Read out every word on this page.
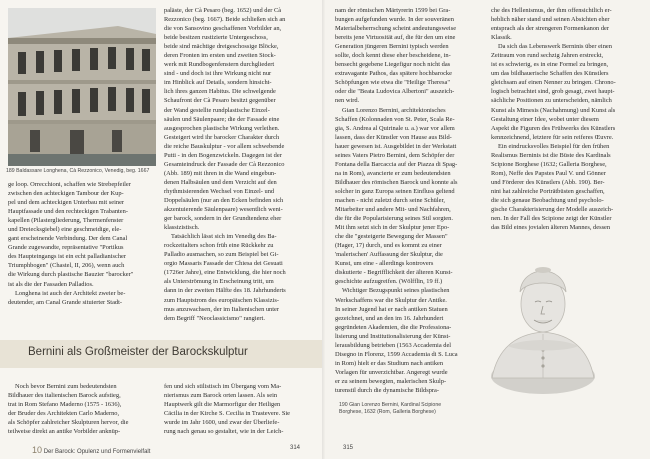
189 Baldassare Longhena, Cà Rezzonico, Venedig, beg. 1667

ge loop. Orrecchioni, schaffen wie Strebepfeiler

zwischen den achteckigen Tambour der Kup-

pel und dem achteckigen Unterbau mit seiner

Hauptfassade und den rechteckigen Trabanten-

kapellen (Pilastergliederung, Thermenfenster

und Dreiecksgiebel) eine geschmeidige, ele-

gant erscheinende Verbindung. Der dem Canal

Grande zugewandte, repräsentative "Portikus

des Haupteingangs ist ein echt palladianischer

Triumphbogen" (Chastel, II, 206), wenn auch

die Wirkung durch plastische Bauzier "barocker"

ist als die der Fassaden Palladios.

Longhena ist auch der Architekt zweier be-

deutender, am Canal Grande situierter Stadt-

paläste, der Cà Pesaro (beg. 1652) und der Cà

Rezzonico (beg. 1667). Beide schließen sich an

die von Sansovino geschaffenen Vorbilder an,

beide besitzen rustizierte Untergeschoss,

beide sind mächtige dreigeschossige Blöcke,

deren Fronten im ersten und zweiten Stock-

werk mit Rundbogenfenstern durchgliedert

sind - und doch ist ihre Wirkung nicht nur

im Hinblick auf Details, sondern hinsicht-

lich ihres ganzen Habitus. Die schwelgende

Schaufront der Cà Pesaro besitzt gegenüber

der Wand gestellte rundplastische Einzel-

säulen und Säulenpaare; die der Fassade eine

ausgesprochen plastische Wirkung verleihen.

Gesteigert wird ihr barocker Charakter durch

die reiche Bauskulptur - vor allem schwebende

Putti - in den Bogenzwickeln. Dagegen ist der

Gesamteindruck der Fassade der Cà Rezzonico

(Abb. 189) mit ihren in die Wand eingebun-

denen Halbsäulen und dem Verzicht auf den

rhythmisierenden Wechsel von Einzel- und

Doppelsäulen (nur an den Ecken befinden sich

akzentuierende Säulenpaare) wesentlich weni-

ger barock, sondern in der Grundtendenz eher

klassizistisch.

Tatsächlich lässt sich im Venedig des Ba-

rockzeitalters schon früh eine Rückkehr zu

Palladio ausmachen, so zum Beispiel bei Gi-

orgio Massaris Fassade der Chiesa dei Gesuati

(1726er Jahre), eine Entwicklung, die hier noch

als Unterströmung in Erscheinung tritt, um

dann in der zweiten Hälfte des 18. Jahrhunderts

zum Hauptstrom des europäischen Klassizis-

mus anzuwachsen, der im Italienischen unter

dem Begriff "Neoclassicismo" rangiert.

Bernini als Großmeister der Barockskulptur

Noch bevor Bernini zum bedeutendsten

Bildhauer des italienischen Barock aufstieg,

trat in Rom Stefano Maderno (1575 - 1636),

der Bruder des Architekten Carlo Maderno,

als Schöpfer zahlreicher Skulpturen hervor, die

teilweise direkt an antike Vorbilder anknüp-

fen und sich stilistisch im Übergang vom Ma-

nierismus zum Barock orten lassen. Als sein

Hauptwerk gilt die Marmorfigur der Heiligen

Cäcilia in der Kirche S. Cecilia in Trastevere. Sie

wurde im Jahr 1600, und zwar der Überliefe-

rung nach genau so gestaltet, wie in der Leich-

10 Der Barock: Opulenz und Formenvielfalt
314

nam der römischen Märtyrerin 1599 bei Gra-

bungen aufgefunden wurde. In der souveränen

Materialbeherrschung scheint andeutungsweise

bereits jene Virtuosität auf, die für den um eine

Generation jüngeren Bernini typisch werden

sollte, doch kennt diese eher bescheidene, in-

bensecht gegebene Liegefigur noch nicht das

extravagante Pathos, das spätere hochbarocke

Schöpfungen wie etwa die "Heilige Theresa"

oder die "Beata Ludovica Albertoni" auszeich-

nen wird.

Gian Lorenzo Bernini, architektonisches

Schaffen (Kolonnaden von St. Peter, Scala Re-

gia, S. Andrea al Quirinale u. a.) war vor allem

lassen, dass der Künstler von Hause aus Bild-

hauer gewesen ist. Ausgebildet in der Werkstatt

seines Vaters Pietro Bernini, dem Schöpfer der

Fontana della Barcaccia auf der Piazza di Spag-

na in Rom), avancierte er zum bedeutendsten

Bildhauer des römischen Barock und konnte als

solcher in ganz Europa seinen Einfluss geltend

machen - nicht zuletzt durch seine Schüler,

Mitarbeiter und andere Mit- und Nachfahren,

die für die Popularisierung seines Stil sorgten.

Mit ihm setzt sich in der Skulptur jener Epo-

che die "gesteigerte Bewegung der Massen"

(Hager, 17) durch, und es kommt zu einer

'malerischen' Auffassung der Skulptur, die

Kunst, um eine - allerdings kontrovers

diskutierte - Begrifflichkeit der älteren Kunst-

geschichte aufzugreifen. (Wölfflin, 19 ff.)

Wichtiger Bezugspunkt seines plastischen

Werkschaffens war die Skulptur der Antike.

In seiner Jugend hat er nach antiken Statuen

gezeichnet, und an den im 16. Jahrhundert

gegründeten Akademien, die die Professiona-

lisierung und Institutionalisierung der Künst-

lerausbildung betrieben (1563 Accademia del

Disegno in Florenz, 1599 Accademia di S. Luca

in Rom) hielt er das Studium nach antiken

Vorlagen für unverzichtbar. Angeregt wurde

er zu seinem bewegten, malerischen Skulp-

turenstil durch die dynamische Bildspra-

che des Hellenismus, der ihm offensichtlich er-

heblich näher stand und seinen Absichten eher

entsprach als der strengeren Formenkanon der

Klassik.

Da sich das Lebenswerk Berninis über einen

Zeitraum von rund sechzig Jahren erstreckt,

ist es schwierig, es in eine Formel zu bringen,

um das bildhauerische Schaffen des Künstlers

gleichsam auf einen Nenner zu bringen. Chrono-

logisch betrachtet sind, grob gesagt, zwei haupt-

sächliche Positionen zu unterscheiden, nämlich

Kunst als Mimesis (Nachahmung) und Kunst als

Gestaltung einer Idee, wobei unter diesem

Aspekt die Figuren des Frühwerks des Künstlers

kennzeichnend, letztere für sein reiferes Œuvre.

Ein eindrucksvolles Beispiel für den frühen

Realismus Berninis ist die Büste des Kardinals

Scipione Borghese (1632; Galleria Borghese,

Rom), Neffe des Papstes Paul V. und Gönner

und Förderer des Künstlers (Abb. 190). Ber-

nini hat zahlreiche Porträtbüsten geschaffen,

die sich genaue Beobachtung und psycholo-

gische Charakterisierung der Modelle auszeich-

nen. In der Fall des Scipione zeigt der Künstler

das Bild eines jovialen älteren Mannes, dessen

190 Gian Lorenzo Bernini, Kardinal Scipione
Borghese, 1632 (Rom, Galleria Borghese)
315
